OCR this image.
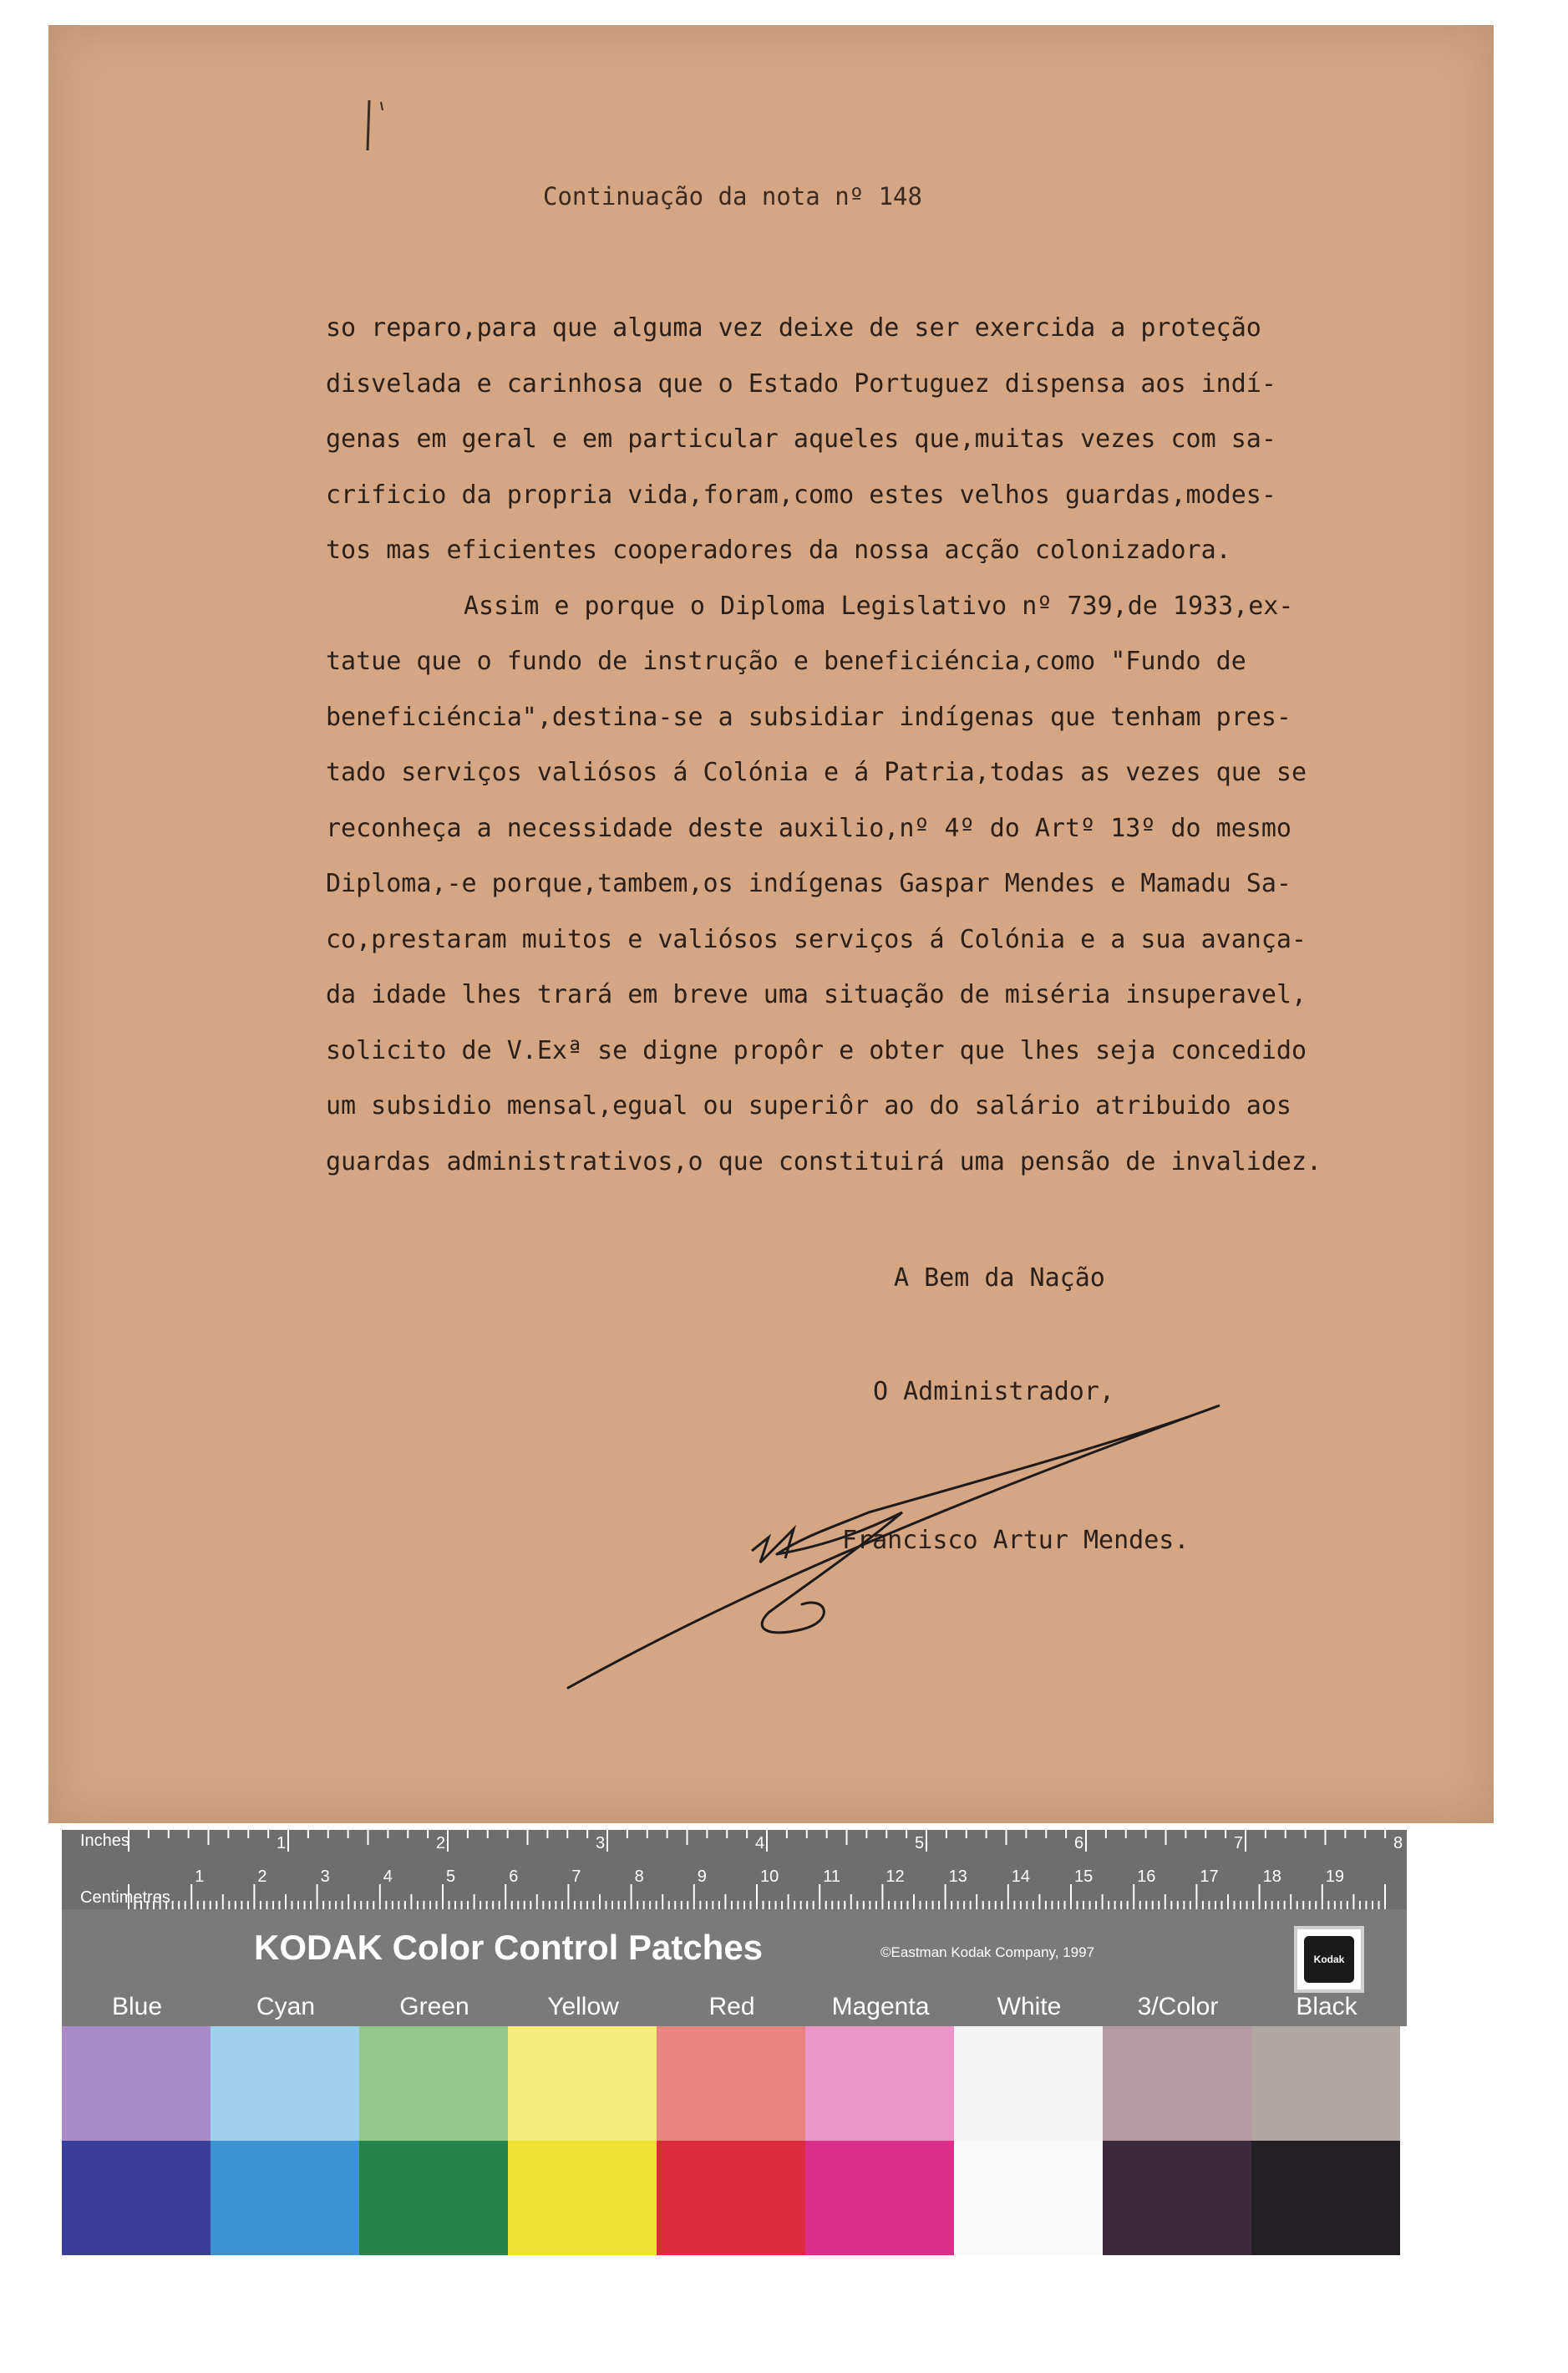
Continuação da nota nº 148
so reparo,para que alguma vez deixe de ser exercida a proteção
disvelada e carinhosa que o Estado Portuguez dispensa aos indí-
genas em geral e em particular aqueles que,muitas vezes com sa-
crificio da propria vida,foram,como estes velhos guardas,modes-
tos mas eficientes cooperadores da nossa acção colonizadora.
Assim e porque o Diploma Legislativo nº 739,de 1933,ex-
tatue que o fundo de instrução e beneficiéncia,como "Fundo de
beneficiéncia",destina-se a subsidiar indígenas que tenham pres-
tado serviços valiósos á Colónia e á Patria,todas as vezes que se
reconheça a necessidade deste auxilio,nº 4º do Artº 13º do mesmo
Diploma,-e porque,tambem,os indígenas Gaspar Mendes e Mamadu Sa-
co,prestaram muitos e valiósos serviços á Colónia e a sua avança-
da idade lhes trará em breve uma situação de miséria insuperavel,
solicito de V.Exª se digne propôr e obter que lhes seja concedido
um subsidio mensal,egual ou superiôr ao do salário atribuido aos
guardas administrativos,o que constituirá uma pensão de invalidez.
A Bem da Nação
O Administrador,
Francisco Artur Mendes.
1	2	3	4	5	6	7	8
1	2	3	4	5	6	7	8	9	10	11	12	13	14	15	16	17	18	19
Inches
Centimetres
KODAK Color Control Patches	©Eastman Kodak Company, 1997	Kodak
Blue	Cyan	Green	Yellow	Red	Magenta	White	3/Color	Black
